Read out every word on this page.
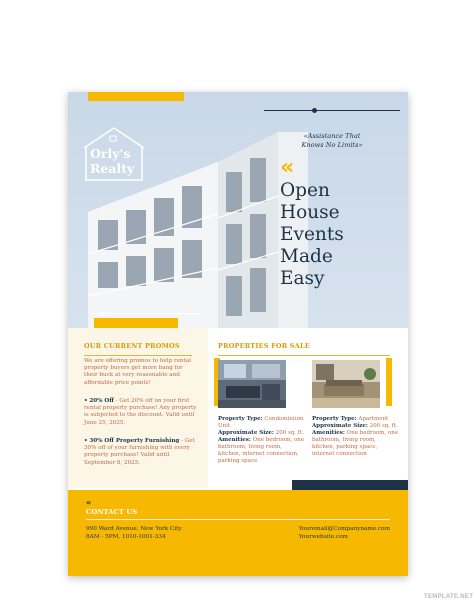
Orly's
Realty
«Assistance That
Knows No Limits»
«
Open
House
Events
Made
Easy
OUR CURRENT PROMOS
We are offering promos to help rental property buyers get more bang for their buck at very reasonable and affordable price points!
• 20% Off - Get 20% off on your first rental property purchase! Any property is subjected to the discount. Valid until June 25, 2025.
• 30% Off Property Furnishing - Get 30% off of your furnishing with every property purchase! Valid until September 8, 2025.
PROPERTIES FOR SALE
Property Type: Condominium Unit
Approximate Size: 200 sq. ft.
Amenities: One bedroom, one bathroom, living room, kitchen, internet connection, parking space
Property Type: Apartment
Approximate Size: 200 sq. ft.
Amenities: One bedroom, one bathroom, living room, kitchen, parking space, internet connection
«
CONTACT US
990 Ward Avenue, New York City
8AM - 5PM, 1010-1001-334
Youremail@Companyname.com
Yourwebsite.com
TEMPLATE.NET
